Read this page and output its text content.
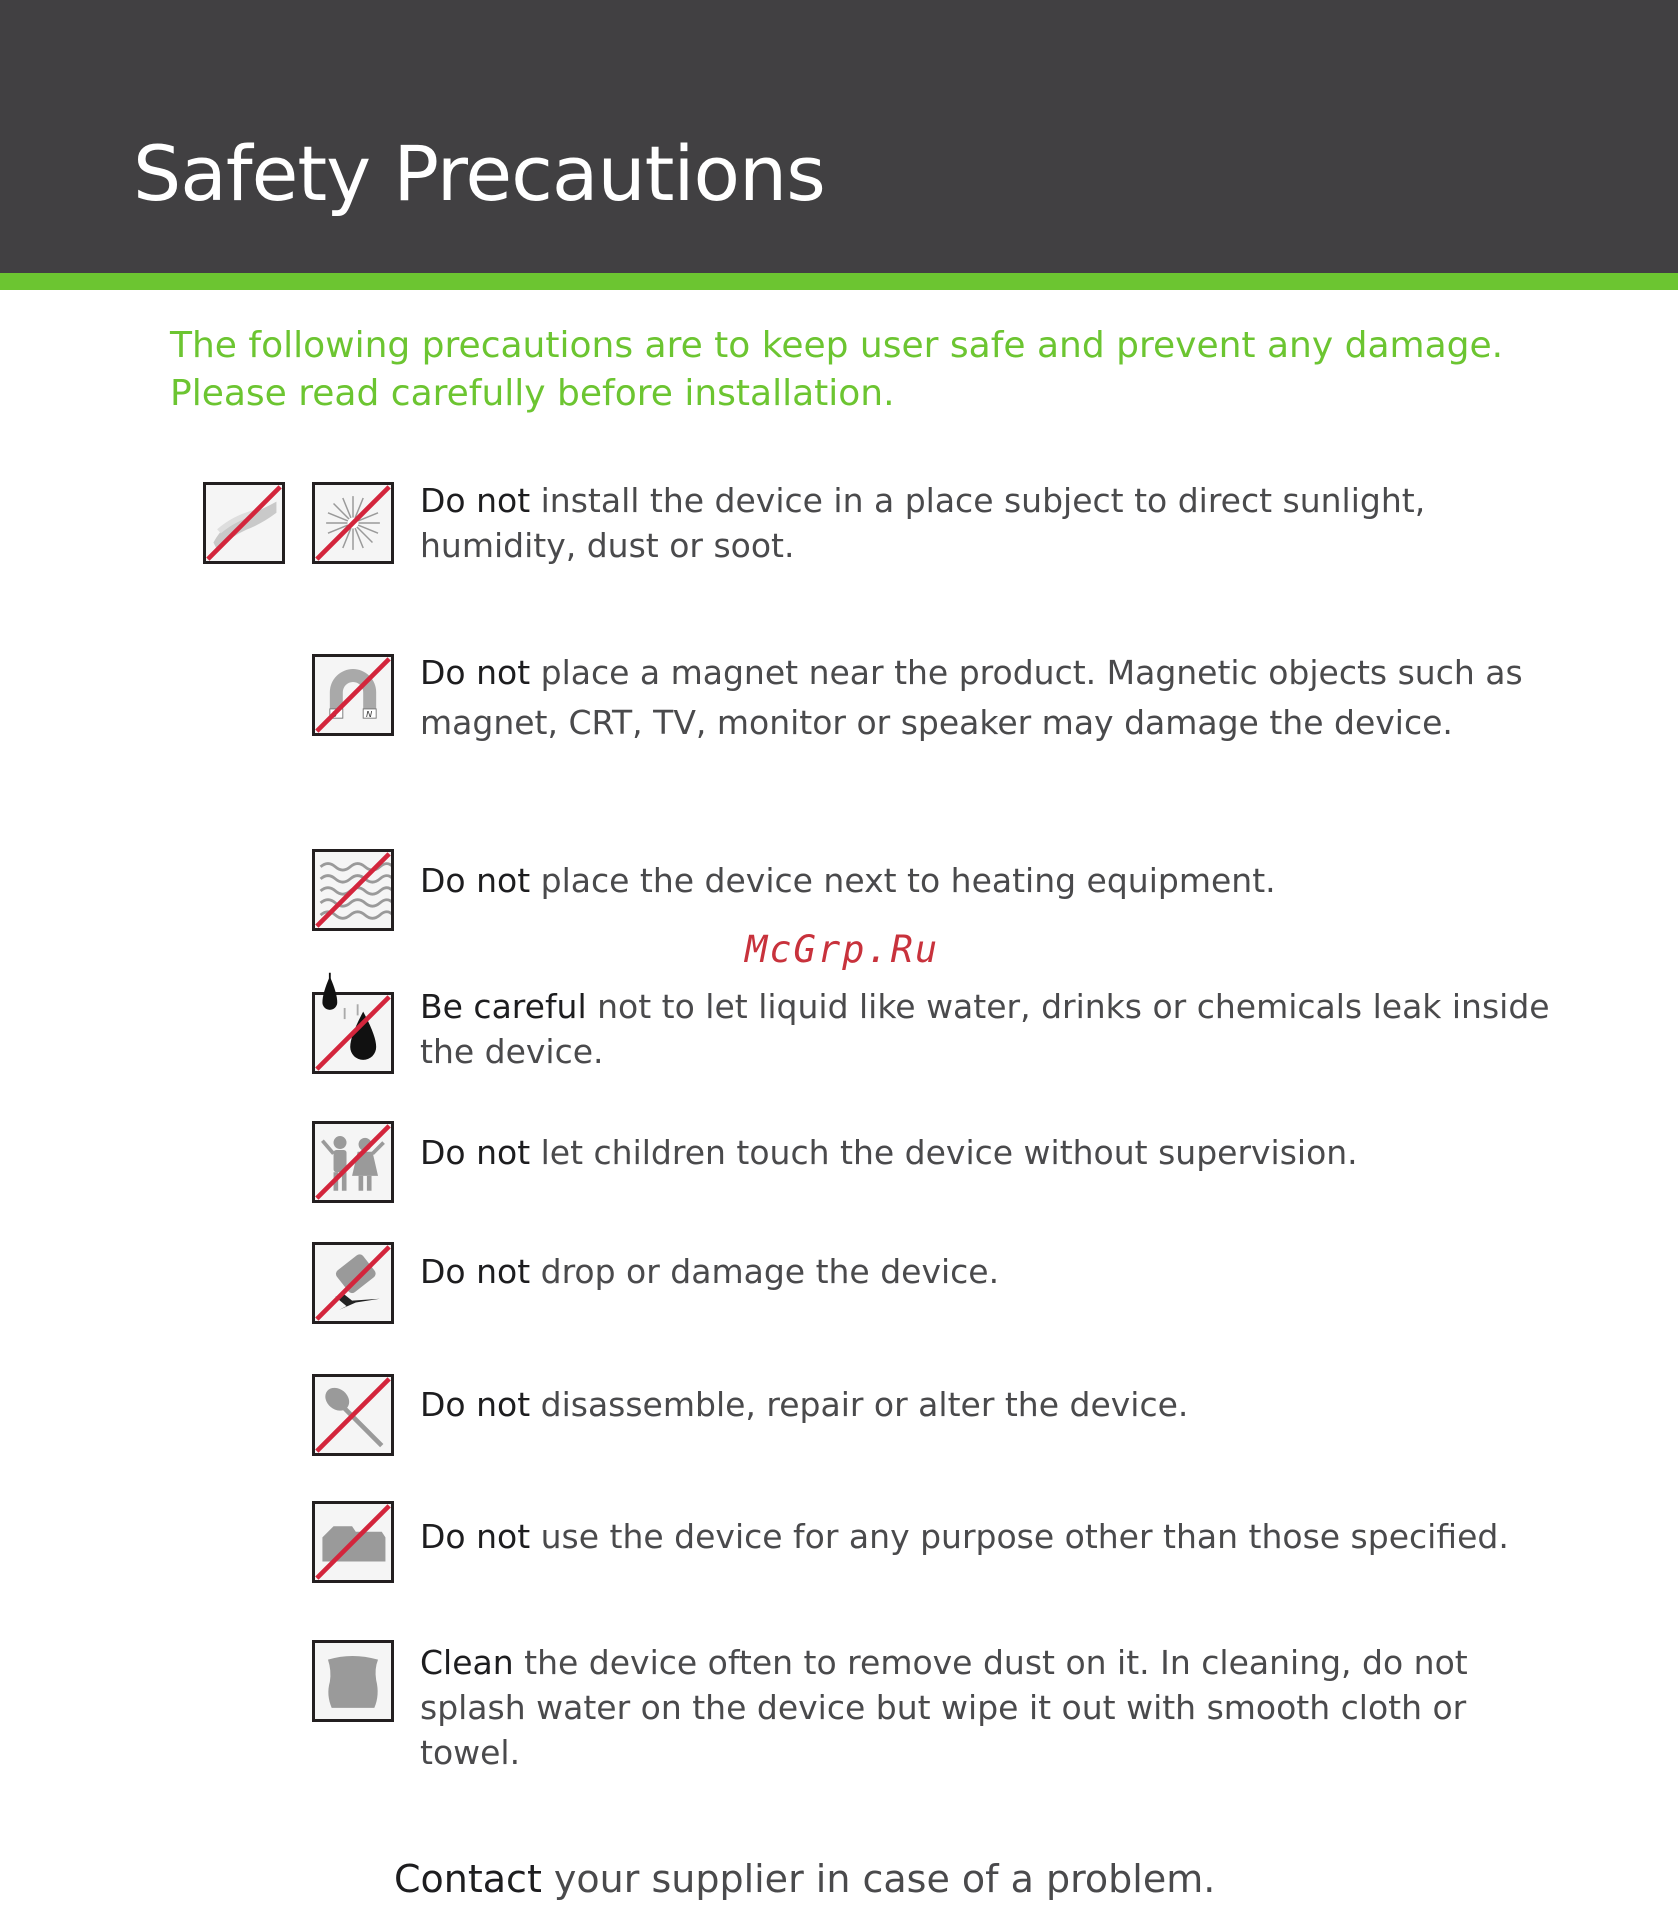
Safety Precautions

The following precautions are to keep user safe and prevent any damage.
Please read carefully before installation.

Do not install the device in a place subject to direct sunlight, humidity, dust or soot.

N

Do not place a magnet near the product. Magnetic objects such as magnet, CRT, TV, monitor or speaker may damage the device.

Do not place the device next to heating equipment.

McGrp.Ru

Be careful not to let liquid like water, drinks or chemicals leak inside the device.

Do not let children touch the device without supervision.

Do not drop or damage the device.

Do not disassemble, repair or alter the device.

Do not use the device for any purpose other than those specified.

Clean the device often to remove dust on it. In cleaning, do not splash water on the device but wipe it out with smooth cloth or towel.

Contact your supplier in case of a problem.
